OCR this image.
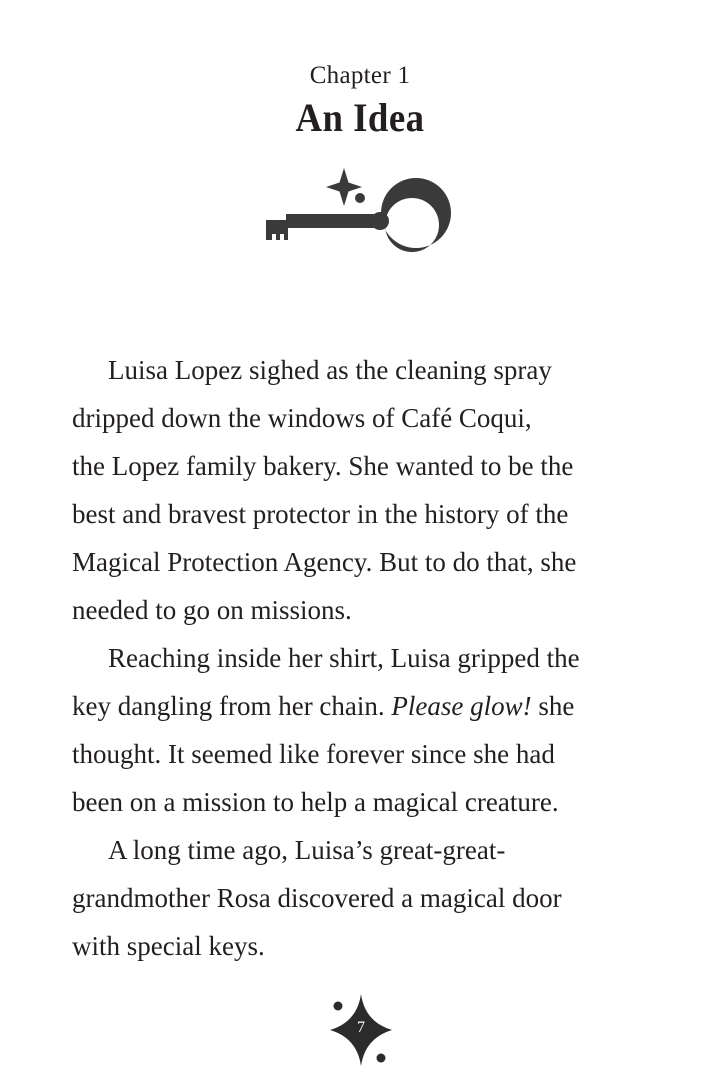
Chapter 1
An Idea

Luisa Lopez sighed as the cleaning spray
dripped down the windows of Café Coqui,
the Lopez family bakery. She wanted to be the
best and bravest protector in the history of the
Magical Protection Agency. But to do that, she
needed to go on missions.

Reaching inside her shirt, Luisa gripped the
key dangling from her chain. Please glow! she
thought. It seemed like forever since she had
been on a mission to help a magical creature.

A long time ago, Luisa’s great-great-
grandmother Rosa discovered a magical door
with special keys.

7
